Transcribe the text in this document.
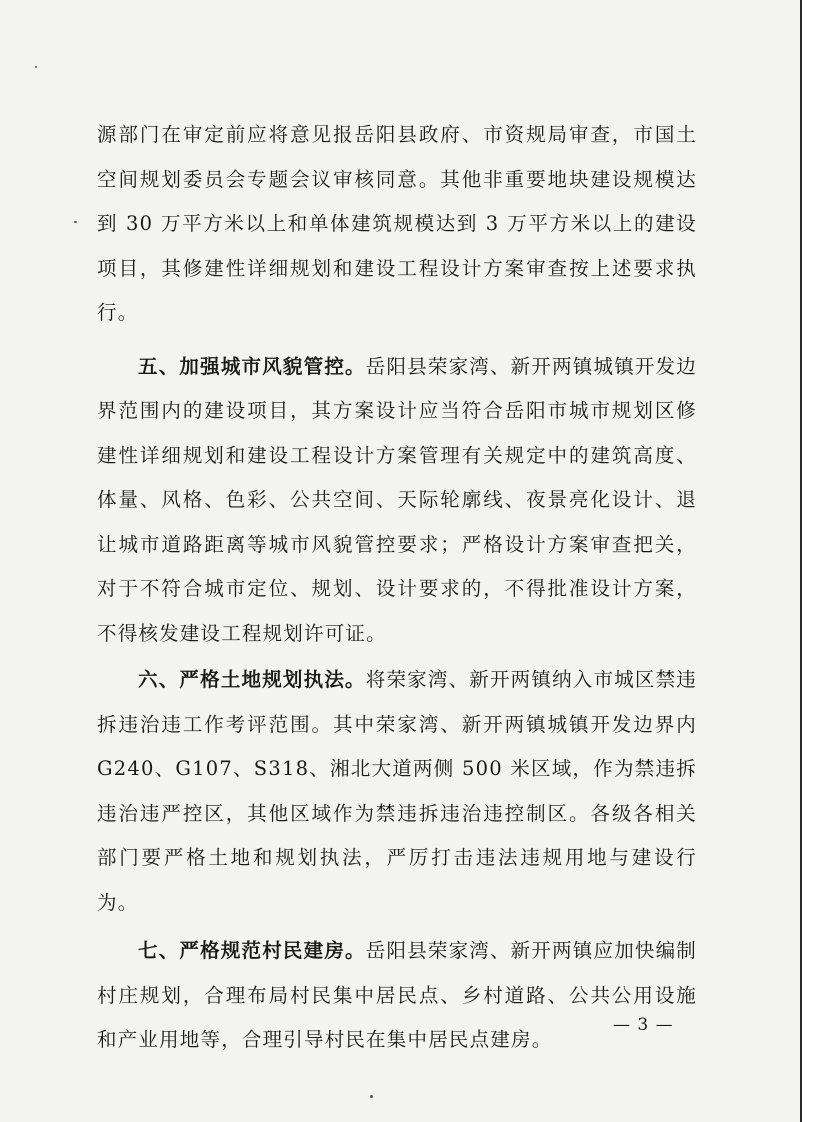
源部门在审定前应将意见报岳阳县政府、市资规局审查，市国土空间规划委员会专题会议审核同意。其他非重要地块建设规模达到 30 万平方米以上和单体建筑规模达到 3 万平方米以上的建设项目，其修建性详细规划和建设工程设计方案审查按上述要求执行。

五、加强城市风貌管控。岳阳县荣家湾、新开两镇城镇开发边界范围内的建设项目，其方案设计应当符合岳阳市城市规划区修建性详细规划和建设工程设计方案管理有关规定中的建筑高度、体量、风格、色彩、公共空间、天际轮廓线、夜景亮化设计、退让城市道路距离等城市风貌管控要求；严格设计方案审查把关，对于不符合城市定位、规划、设计要求的，不得批准设计方案，不得核发建设工程规划许可证。

六、严格土地规划执法。将荣家湾、新开两镇纳入市城区禁违拆违治违工作考评范围。其中荣家湾、新开两镇城镇开发边界内 G240、G107、S318、湘北大道两侧 500 米区域，作为禁违拆违治违严控区，其他区域作为禁违拆违治违控制区。各级各相关部门要严格土地和规划执法，严厉打击违法违规用地与建设行为。

七、严格规范村民建房。岳阳县荣家湾、新开两镇应加快编制村庄规划，合理布局村民集中居民点、乡村道路、公共公用设施和产业用地等，合理引导村民在集中居民点建房。

— 3 —
